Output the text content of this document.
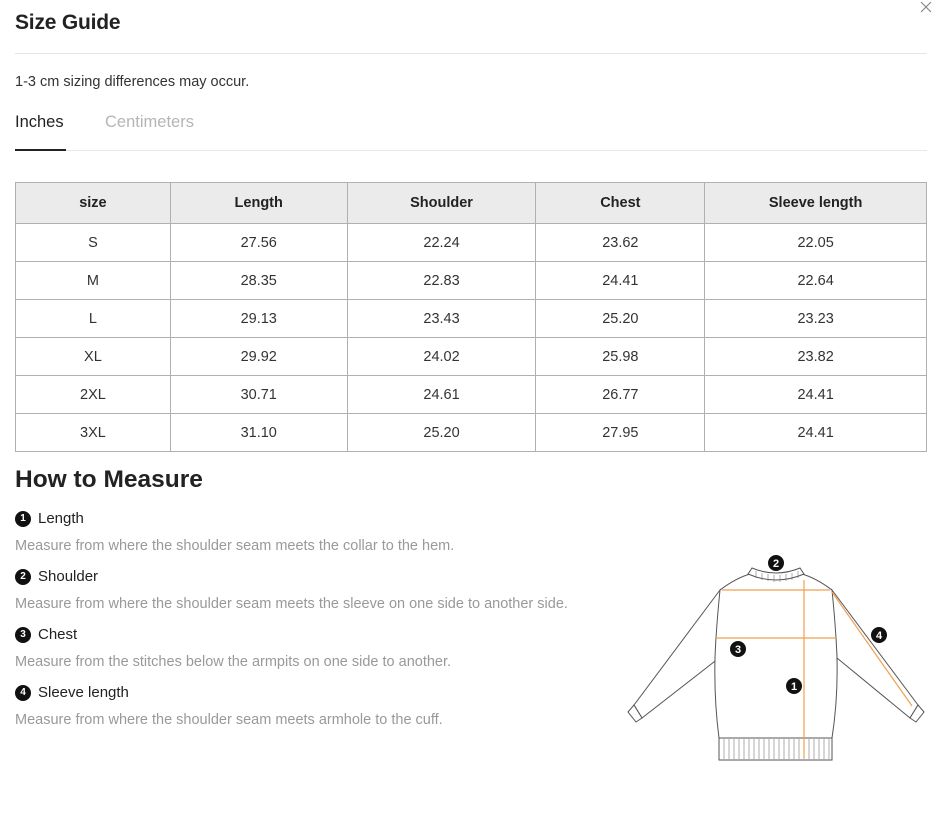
Size Guide
1-3 cm sizing differences may occur.
Inches	Centimeters
size	Length	Shoulder	Chest	Sleeve length
S	27.56	22.24	23.62	22.05
M	28.35	22.83	24.41	22.64
L	29.13	23.43	25.20	23.23
XL	29.92	24.02	25.98	23.82
2XL	30.71	24.61	26.77	24.41
3XL	31.10	25.20	27.95	24.41
How to Measure
1 Length
Measure from where the shoulder seam meets the collar to the hem.
2 Shoulder
Measure from where the shoulder seam meets the sleeve on one side to another side.
3 Chest
Measure from the stitches below the armpits on one side to another.
4 Sleeve length
Measure from where the shoulder seam meets armhole to the cuff.
2
3
1
4
